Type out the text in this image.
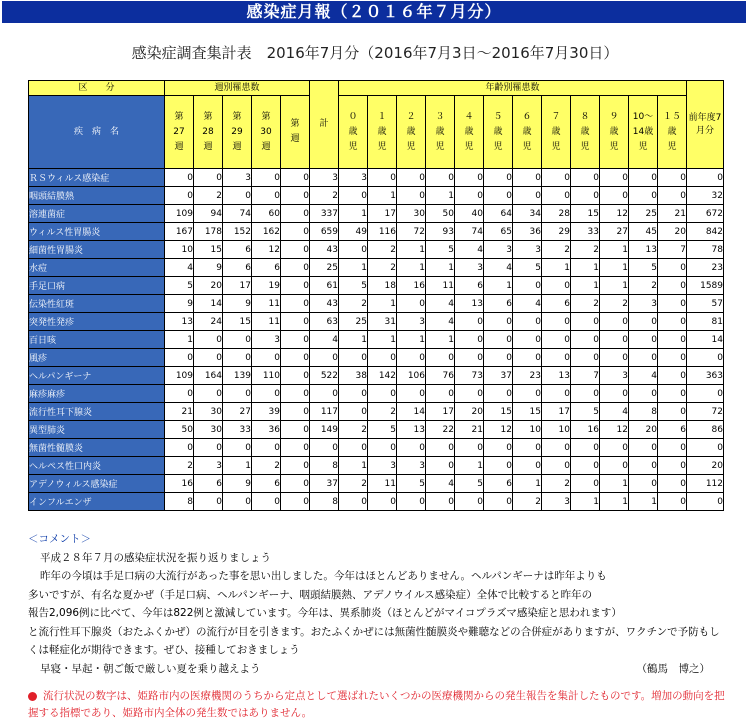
感染症月報（２０１６年７月分）
感染症調査集計表　2016年7月分（2016年7月3日～2016年7月30日）
区　　分	週別罹患数					計	年齢別罹患数												前年度7月分
疾　病　名	第
27
週	第
28
週	第
29
週	第
30
週	第
週		０
歳
児	１
歳
児	２
歳
児	３
歳
児	４
歳
児	５
歳
児	６
歳
児	７
歳
児	８
歳
児	９
歳
児	10～
14歳
児	１５
歳
児	

ＲＳウィルス感染症	0	0	3	0	0	3	3	0	0	0	0	0	0	0	0	0	0	0	0
咽頭結膜熱	0	2	0	0	0	2	0	1	0	1	0	0	0	0	0	0	0	0	32
溶連菌症	109	94	74	60	0	337	1	17	30	50	40	64	34	28	15	12	25	21	672
ウィルス性胃腸炎	167	178	152	162	0	659	49	116	72	93	74	65	36	29	33	27	45	20	842
細菌性胃腸炎	10	15	6	12	0	43	0	2	1	5	4	3	3	2	2	1	13	7	78
水痘	4	9	6	6	0	25	1	2	1	1	3	4	5	1	1	1	5	0	23
手足口病	5	20	17	19	0	61	5	18	16	11	6	1	0	0	1	1	2	0	1589
伝染性紅斑	9	14	9	11	0	43	2	1	0	4	13	6	4	6	2	2	3	0	57
突発性発疹	13	24	15	11	0	63	25	31	3	4	0	0	0	0	0	0	0	0	81
百日咳	1	0	0	3	0	4	1	1	1	1	0	0	0	0	0	0	0	0	14
風疹	0	0	0	0	0	0	0	0	0	0	0	0	0	0	0	0	0	0	0
ヘルパンギーナ	109	164	139	110	0	522	38	142	106	76	73	37	23	13	7	3	4	0	363
麻疹麻疹	0	0	0	0	0	0	0	0	0	0	0	0	0	0	0	0	0	0	0
流行性耳下腺炎	21	30	27	39	0	117	0	2	14	17	20	15	15	17	5	4	8	0	72
異型肺炎	50	30	33	36	0	149	2	5	13	22	21	12	10	10	16	12	20	6	86
無菌性髄膜炎	0	0	0	0	0	0	0	0	0	0	0	0	0	0	0	0	0	0	0
ヘルペス性口内炎	2	3	1	2	0	8	1	3	3	0	1	0	0	0	0	0	0	0	20
アデノウィルス感染症	16	6	9	6	0	37	2	11	5	4	5	6	1	2	0	1	0	0	112
インフルエンザ	8	0	0	0	0	8	0	0	0	0	0	0	2	3	1	1	1	0	0
＜コメント＞

平成２８年７月の感染症状況を振り返りましょう

昨年の今頃は手足口病の大流行があった事を思い出しました。今年はほとんどありません。ヘルパンギーナは昨年よりも

多いですが、有名な夏かぜ（手足口病、ヘルパンギーナ、咽頭結膜熱、アデノウイルス感染症）全体で比較すると昨年の

報告2,096例に比べて、今年は822例と激減しています。今年は、異系肺炎（ほとんどがマイコプラズマ感染症と思われます）

と流行性耳下腺炎（おたふくかぜ）の流行が目を引きます。おたふくかぜには無菌性髄膜炎や難聴などの合併症がありますが、ワクチンで予防もしくは軽症化が期待できます。ぜひ、接種しておきましょう

早寝・早起・朝ご飯で厳しい夏を乗り越えよう	（鶴馬　博之）

流行状況の数字は、姫路市内の医療機関のうちから定点として選ばれたいくつかの医療機関からの発生報告を集計したものです。増加の動向を把握する指標であり、姫路市内全体の発生数ではありません。
